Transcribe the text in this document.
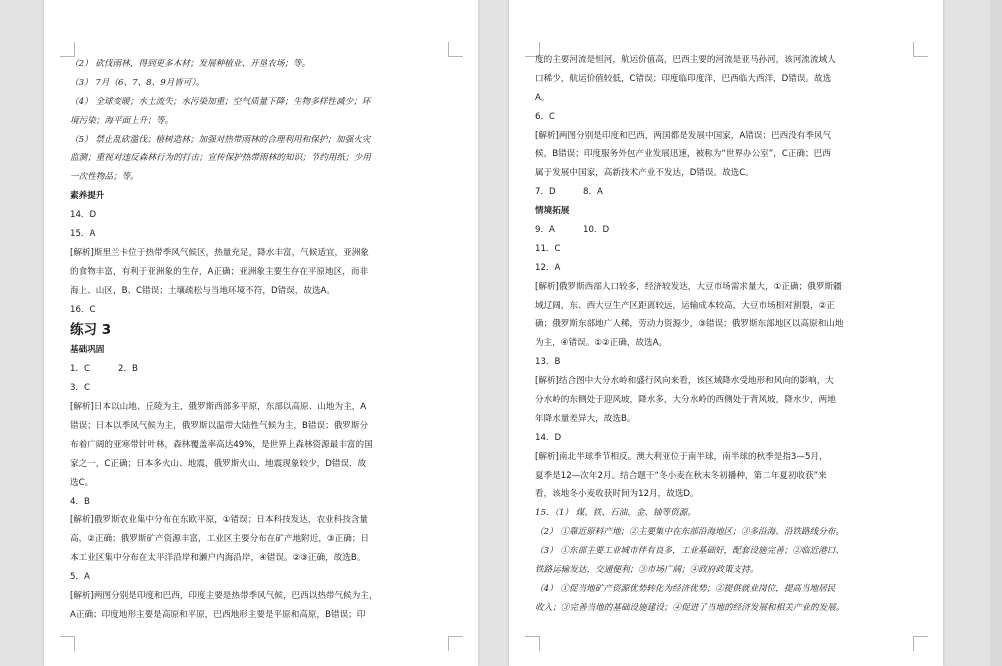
（2） 砍伐雨林，得到更多木材；发展种植业、开垦农场；等。
（3） 7月（6、7、8、9月皆可）。
（4） 全球变暖；水土流失；水污染加重；空气质量下降；生物多样性减少；环
境污染；海平面上升；等。
（5） 禁止乱砍滥伐；植树造林；加强对热带雨林的合理利用和保护；加强火灾
监测；重视对违反森林行为的打击；宣传保护热带雨林的知识；节约用纸；少用
一次性物品；等。
素养提升
14．D
15．A
[解析]斯里兰卡位于热带季风气候区，热量充足，降水丰富，气候适宜，亚洲象
的食物丰富，有利于亚洲象的生存，A正确；亚洲象主要生存在平原地区，而非
海上、山区，B、C错误；土壤疏松与当地环境不符，D错误，故选A。
16．C
练习 3
基础巩固
1．C	2．B
3．C
[解析]日本以山地、丘陵为主，俄罗斯西部多平原，东部以高原、山地为主，A
错误；日本以季风气候为主，俄罗斯以温带大陆性气候为主，B错误；俄罗斯分
布着广阔的亚寒带针叶林，森林覆盖率高达49%，是世界上森林资源最丰富的国
家之一，C正确；日本多火山、地震，俄罗斯火山、地震现象较少，D错误．故
选C。
4．B
[解析]俄罗斯农业集中分布在东欧平原，①错误；日本科技发达，农业科技含量
高，②正确；俄罗斯矿产资源丰富，工业区主要分布在矿产地附近，③正确；日
本工业区集中分布在太平洋沿岸和濑户内海沿岸，④错误。②③正确，故选B。
5．A
[解析]两图分别是印度和巴西，印度主要是热带季风气候，巴西以热带气候为主，
A正确；印度地形主要是高原和平原，巴西地形主要是平原和高原，B错误；印
度的主要河流是恒河，航运价值高，巴西主要的河流是亚马孙河，该河流流域人
口稀少，航运价值较低，C错误；印度临印度洋，巴西临大西洋，D错误。故选
A。
6．C
[解析]两图分别是印度和巴西，两国都是发展中国家，A错误；巴西没有季风气
候，B错误；印度服务外包产业发展迅速，被称为“世界办公室”，C正确；巴西
属于发展中国家，高新技术产业不发达，D错误。故选C。
7．D	8．A
情境拓展
9．A	10．D
11．C
12．A
[解析]俄罗斯西部人口较多，经济较发达，大豆市场需求量大，①正确；俄罗斯疆
域辽阔，东、西大豆生产区距离较远，运输成本较高，大豆市场相对割裂，②正
确；俄罗斯东部地广人稀，劳动力资源少，③错误；俄罗斯东部地区以高原和山地
为主，④错误。①②正确，故选A。
13．B
[解析]结合图中大分水岭和盛行风向来看，该区域降水受地形和风向的影响，大
分水岭的东侧处于迎风坡，降水多，大分水岭的西侧处于背风坡，降水少，两地
年降水量差异大，故选B。
14．D
[解析]南北半球季节相反。澳大利亚位于南半球，南半球的秋季是指3—5月，
夏季是12—次年2月。结合题干“冬小麦在秋末冬初播种，第二年夏初收获”来
看，该地冬小麦收获时间为12月，故选D。
15．（1） 煤、铁、石油、金、铀等资源。
（2） ①靠近原料产地；②主要集中在东部沿海地区；③多沿海、沿铁路线分布。
（3） ①东部主要工业城市伴有良多，工业基础好，配套设施完善；②临近港口、
铁路运输发达，交通便利；③市场广阔；④政府政策支持。
（4） ①促当地矿产资源优势转化为经济优势；②提供就业岗位，提高当地居民
收入；③完善当地的基础设施建设；④促进了当地的经济发展和相关产业的发展。
